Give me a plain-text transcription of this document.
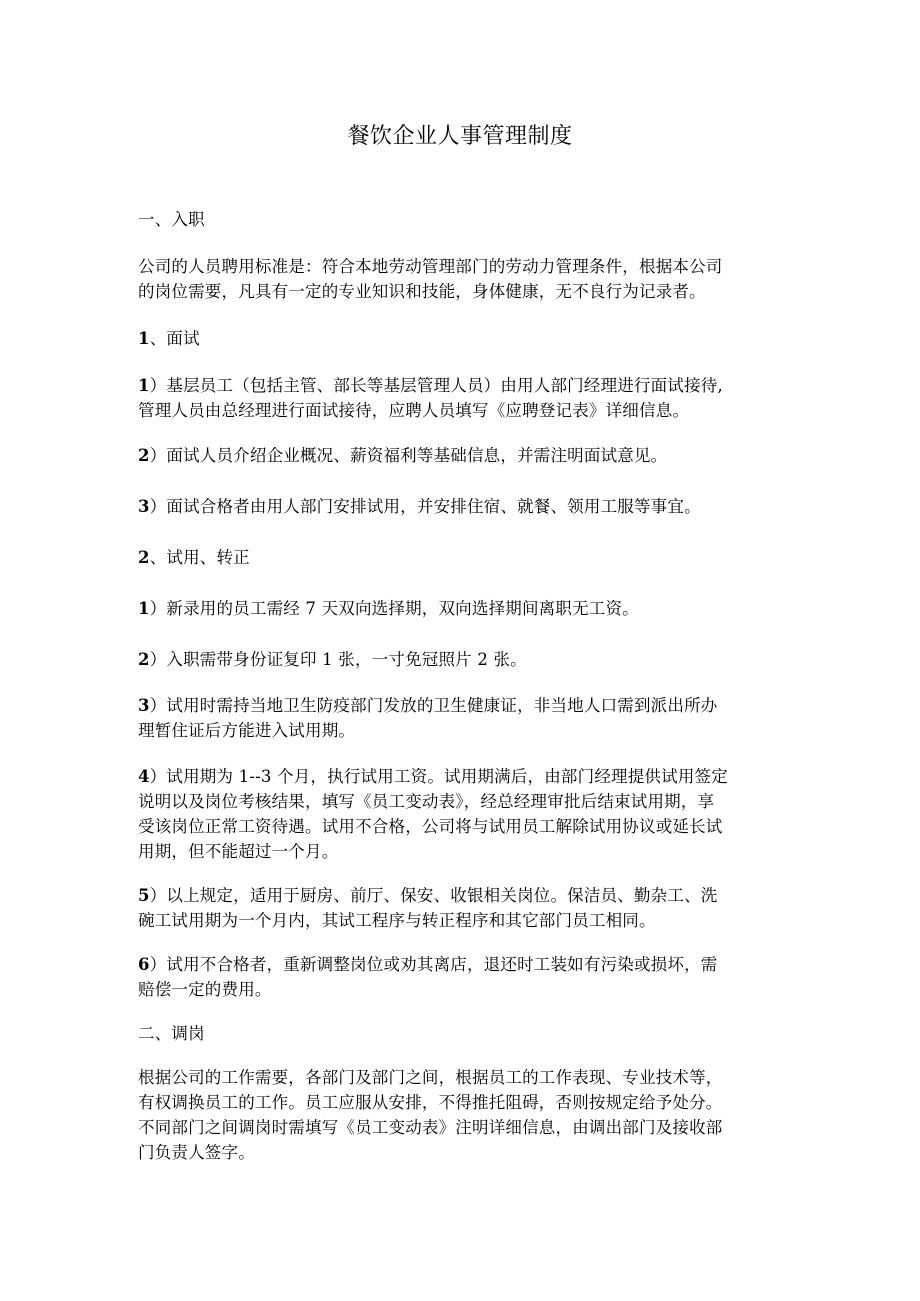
餐饮企业人事管理制度

一、入职

公司的人员聘用标准是：符合本地劳动管理部门的劳动力管理条件，根据本公司

的岗位需要，凡具有一定的专业知识和技能，身体健康，无不良行为记录者。

1、面试

1）基层员工（包括主管、部长等基层管理人员）由用人部门经理进行面试接待,

管理人员由总经理进行面试接待，应聘人员填写《应聘登记表》详细信息。

2）面试人员介绍企业概况、薪资福利等基础信息，并需注明面试意见。

3）面试合格者由用人部门安排试用，并安排住宿、就餐、领用工服等事宜。

2、试用、转正

1）新录用的员工需经 7 天双向选择期，双向选择期间离职无工资。

2）入职需带身份证复印 1 张，一寸免冠照片 2 张。

3）试用时需持当地卫生防疫部门发放的卫生健康证，非当地人口需到派出所办

理暂住证后方能进入试用期。

4）试用期为 1--3 个月，执行试用工资。试用期满后，由部门经理提供试用签定

说明以及岗位考核结果，填写《员工变动表》，经总经理审批后结束试用期，享

受该岗位正常工资待遇。试用不合格，公司将与试用员工解除试用协议或延长试

用期，但不能超过一个月。

5）以上规定，适用于厨房、前厅、保安、收银相关岗位。保洁员、勤杂工、洗

碗工试用期为一个月内，其试工程序与转正程序和其它部门员工相同。

6）试用不合格者，重新调整岗位或劝其离店，退还时工装如有污染或损坏，需

赔偿一定的费用。

二、调岗

根据公司的工作需要，各部门及部门之间，根据员工的工作表现、专业技术等，

有权调换员工的工作。员工应服从安排，不得推托阻碍，否则按规定给予处分。

不同部门之间调岗时需填写《员工变动表》注明详细信息，由调出部门及接收部

门负责人签字。
